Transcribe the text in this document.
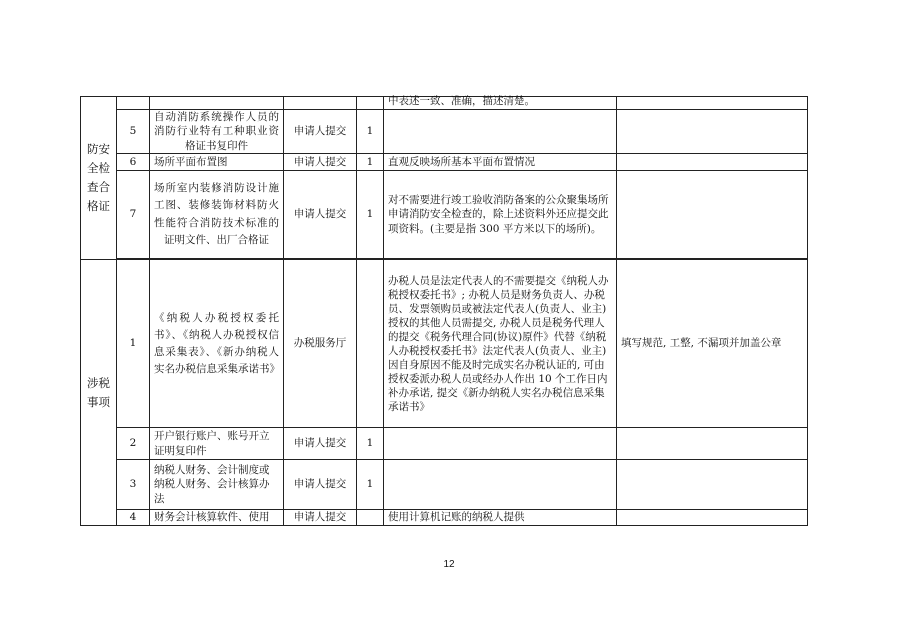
防安全检查合格证					中表述一致、准确，描述清楚。	

	5	自动消防系统操作人员的消防行业特有工种职业资格证书复印件	申请人提交	1		
	6	场所平面布置图	申请人提交	1	直观反映场所基本平面布置情况	
	7	场所室内装修消防设计施工图、装修装饰材料防火性能符合消防技术标准的证明文件、出厂合格证	申请人提交	1	对不需要进行竣工验收消防备案的公众聚集场所申请消防安全检查的，除上述资料外还应提交此项资料。(主要是指 300 平方米以下的场所)。	

涉税事项	1	《纳税人办税授权委托书》、《纳税人办税授权信息采集表》、《新办纳税人实名办税信息采集承诺书》	办税服务厅		办税人员是法定代表人的不需要提交《纳税人办税授权委托书》; 办税人员是财务负责人、办税员、发票领购员或被法定代表人(负责人、业主)授权的其他人员需提交, 办税人员是税务代理人的提交《税务代理合同(协议)原件》代替《纳税人办税授权委托书》法定代表人(负责人、业主)因自身原因不能及时完成实名办税认证的, 可由授权委派办税人员或经办人作出 10 个工作日内补办承诺, 提交《新办纳税人实名办税信息采集承诺书》	填写规范, 工整, 不漏项并加盖公章
	2	开户银行账户、账号开立证明复印件	申请人提交	1		
	3	纳税人财务、会计制度或纳税人财务、会计核算办法	申请人提交	1		
	4	财务会计核算软件、使用	申请人提交		使用计算机记账的纳税人提供	
12
